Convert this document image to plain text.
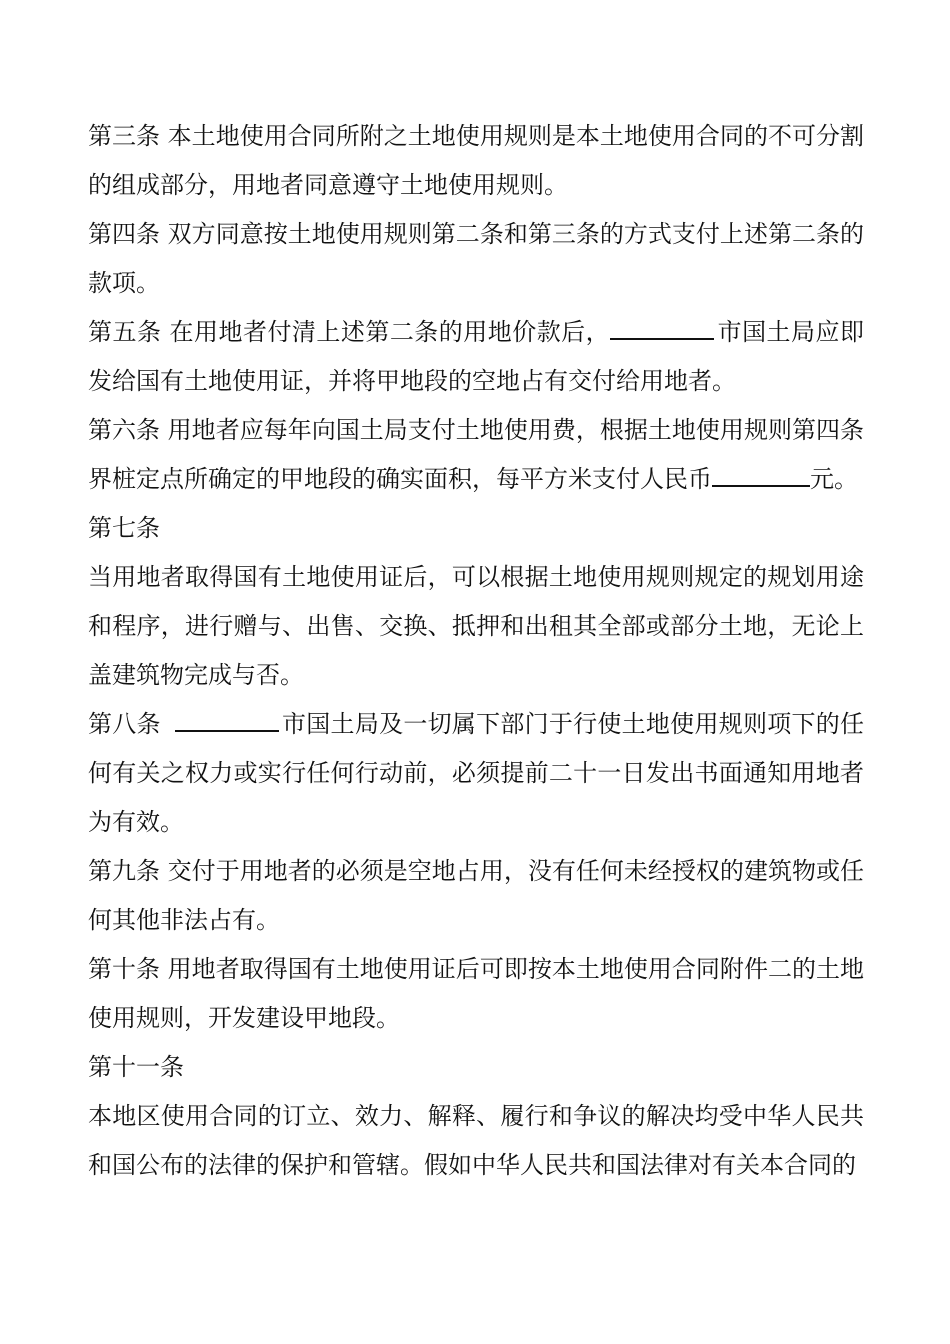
第三条 本土地使用合同所附之土地使用规则是本土地使用合同的不可分割的组成部分，用地者同意遵守土地使用规则。

第四条 双方同意按土地使用规则第二条和第三条的方式支付上述第二条的款项。

第五条 在用地者付清上述第二条的用地价款后，	市国土局应即发给国有土地使用证，并将甲地段的空地占有交付给用地者。

第六条 用地者应每年向国土局支付土地使用费，根据土地使用规则第四条界桩定点所确定的甲地段的确实面积，每平方米支付人民币	元。

第七条

当用地者取得国有土地使用证后，可以根据土地使用规则规定的规划用途和程序，进行赠与、出售、交换、抵押和出租其全部或部分土地，无论上盖建筑物完成与否。

第八条	市国土局及一切属下部门于行使土地使用规则项下的任何有关之权力或实行任何行动前，必须提前二十一日发出书面通知用地者为有效。

第九条 交付于用地者的必须是空地占用，没有任何未经授权的建筑物或任何其他非法占有。

第十条 用地者取得国有土地使用证后可即按本土地使用合同附件二的土地使用规则，开发建设甲地段。

第十一条

本地区使用合同的订立、效力、解释、履行和争议的解决均受中华人民共和国公布的法律的保护和管辖。假如中华人民共和国法律对有关本合同的
